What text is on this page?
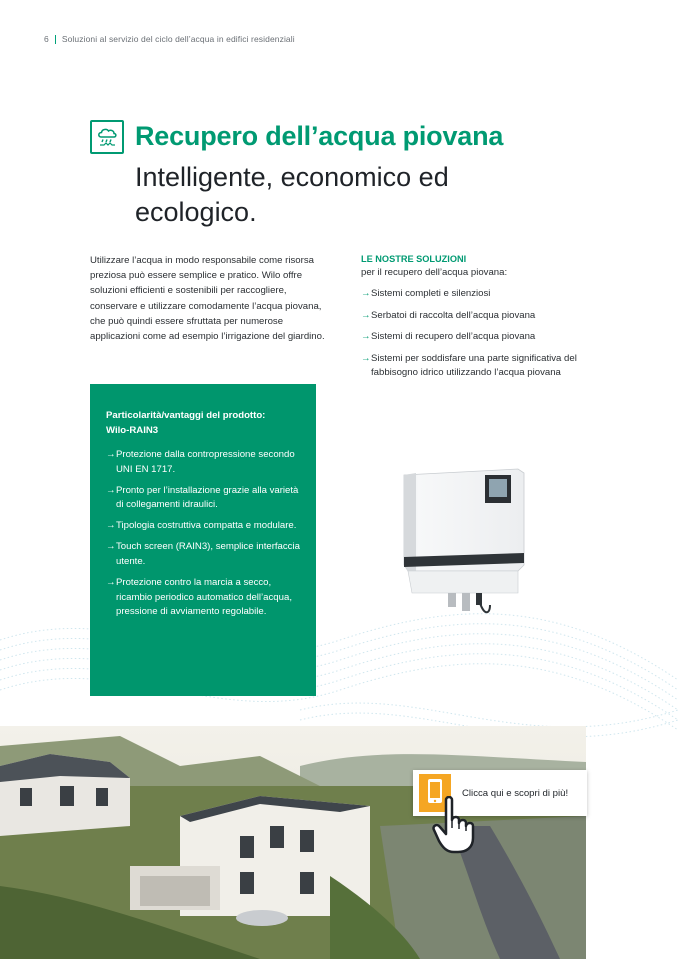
6 Soluzioni al servizio del ciclo dell’acqua in edifici residenziali
Recupero dell’acqua piovana
Intelligente, economico ed ecologico.
Utilizzare l’acqua in modo responsabile come risorsa preziosa può essere semplice e pratico. Wilo offre soluzioni efficienti e sostenibili per raccogliere, conservare e utilizzare comodamente l’acqua piovana, che può quindi essere sfruttata per numerose applicazioni come ad esempio l’irrigazione del giardino.
LE NOSTRE SOLUZIONI
per il recupero dell’acqua piovana:
→ Sistemi completi e silenziosi
→ Serbatoi di raccolta dell’acqua piovana
→ Sistemi di recupero dell’acqua piovana
→ Sistemi per soddisfare una parte significativa del fabbisogno idrico utilizzando l’acqua piovana
Particolarità/vantaggi del prodotto:
Wilo-RAIN3
→ Protezione dalla contropressione secondo UNI EN 1717.
→ Pronto per l’installazione grazie alla varietà di collegamenti idraulici.
→ Tipologia costruttiva compatta e modulare.
→ Touch screen (RAIN3), semplice interfaccia utente.
→ Protezione contro la marcia a secco, ricambio periodico automatico dell’acqua, pressione di avviamento regolabile.
Clicca qui e scopri di più!
